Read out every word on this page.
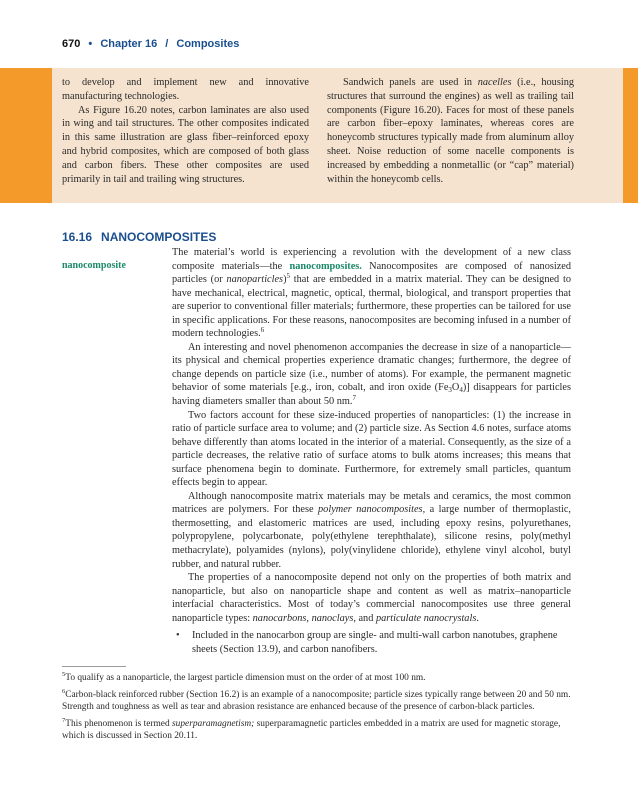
670 • Chapter 16 / Composites

to develop and implement new and innovative manufacturing technologies.

As Figure 16.20 notes, carbon laminates are also used in wing and tail structures. The other composites indicated in this same illustration are glass fiber–reinforced epoxy and hybrid composites, which are composed of both glass and carbon fibers. These other composites are used primarily in tail and trailing wing structures.

Sandwich panels are used in nacelles (i.e., housing structures that surround the engines) as well as trailing tail components (Figure 16.20). Faces for most of these panels are carbon fiber–epoxy laminates, whereas cores are honeycomb structures typically made from aluminum alloy sheet. Noise reduction of some nacelle components is increased by embedding a nonmetallic (or “cap” material) within the honeycomb cells.

16.16 NANOCOMPOSITES
nanocomposite

The material’s world is experiencing a revolution with the development of a new class composite materials—the nanocomposites. Nanocomposites are composed of nanosized particles (or nanoparticles)$^5$ that are embedded in a matrix material. They can be designed to have mechanical, electrical, magnetic, optical, thermal, biological, and transport properties that are superior to conventional filler materials; furthermore, these properties can be tailored for use in specific applications. For these reasons, nanocomposites are becoming infused in a number of modern technologies.$^6$

An interesting and novel phenomenon accompanies the decrease in size of a nanoparticle—its physical and chemical properties experience dramatic changes; furthermore, the degree of change depends on particle size (i.e., number of atoms). For example, the permanent magnetic behavior of some materials [e.g., iron, cobalt, and iron oxide $(Fe_3O_4)$] disappears for particles having diameters smaller than about 50 nm.$^7$

Two factors account for these size-induced properties of nanoparticles: (1) the increase in ratio of particle surface area to volume; and (2) particle size. As Section 4.6 notes, surface atoms behave differently than atoms located in the interior of a material. Consequently, as the size of a particle decreases, the relative ratio of surface atoms to bulk atoms increases; this means that surface phenomena begin to dominate. Furthermore, for extremely small particles, quantum effects begin to appear.

Although nanocomposite matrix materials may be metals and ceramics, the most common matrices are polymers. For these polymer nanocomposites, a large number of thermoplastic, thermosetting, and elastomeric matrices are used, including epoxy resins, polyurethanes, polypropylene, polycarbonate, poly(ethylene terephthalate), silicone resins, poly(methyl methacrylate), polyamides (nylons), poly(vinylidene chloride), ethylene vinyl alcohol, butyl rubber, and natural rubber.

The properties of a nanocomposite depend not only on the properties of both matrix and nanoparticle, but also on nanoparticle shape and content as well as matrix–nanoparticle interfacial characteristics. Most of today’s commercial nanocomposites use three general nanoparticle types: nanocarbons, nanoclays, and particulate nanocrystals.

• Included in the nanocarbon group are single- and multi-wall carbon nanotubes, graphene sheets (Section 13.9), and carbon nanofibers.

$^5$To qualify as a nanoparticle, the largest particle dimension must on the order of at most 100 nm.

$^6$Carbon-black reinforced rubber (Section 16.2) is an example of a nanocomposite; particle sizes typically range between 20 and 50 nm. Strength and toughness as well as tear and abrasion resistance are enhanced because of the presence of carbon-black particles.

$^7$This phenomenon is termed superparamagnetism; superparamagnetic particles embedded in a matrix are used for magnetic storage, which is discussed in Section 20.11.
